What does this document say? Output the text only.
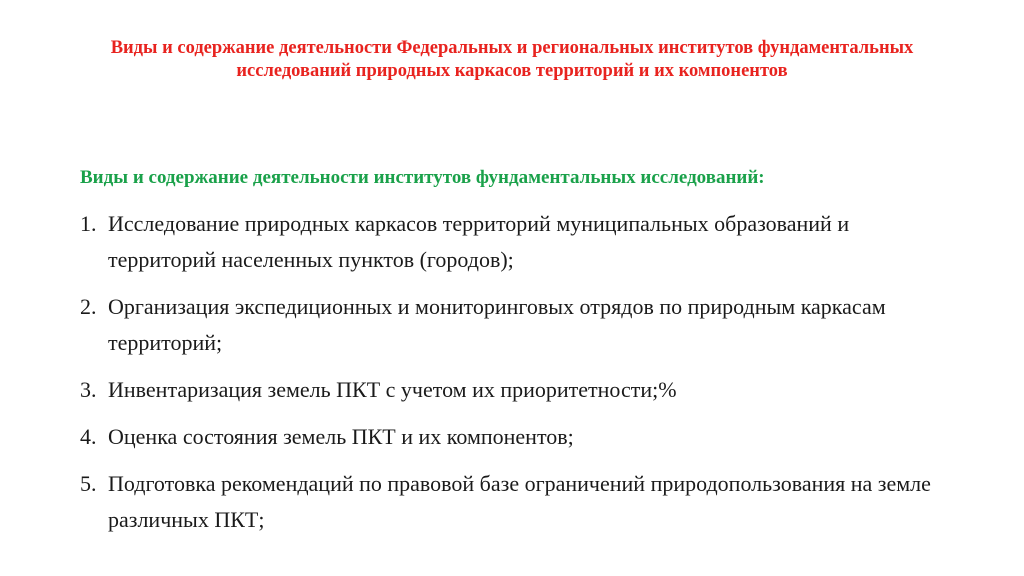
Виды и содержание деятельности Федеральных и региональных институтов фундаментальных исследований природных каркасов территорий и их компонентов
Виды и содержание деятельности институтов фундаментальных исследований:
1. Исследование природных каркасов территорий муниципальных образований и территорий населенных пунктов (городов);
2. Организация экспедиционных и мониторинговых отрядов по природным каркасам территорий;
3. Инвентаризация земель ПКТ с учетом их приоритетности;%
4. Оценка состояния земель ПКТ и их компонентов;
5. Подготовка рекомендаций по правовой базе ограничений природопользования на земле различных ПКТ;
